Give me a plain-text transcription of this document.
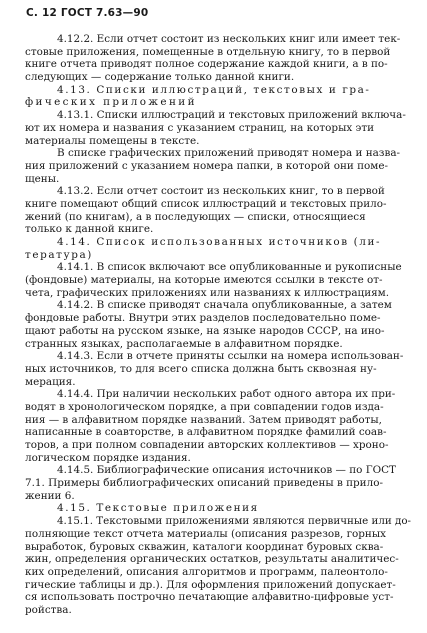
С. 12 ГОСТ 7.63—90
4.12.2. Если отчет состоит из нескольких книг или имеет тек-
стовые приложения, помещенные в отдельную книгу, то в первой
книге отчета приводят полное содержание каждой книги, а в по-
следующих — содержание только данной книги.
4.13. Списки иллюстраций, текстовых и гра-
фических приложений
4.13.1. Списки иллюстраций и текстовых приложений включа-
ют их номера и названия с указанием страниц, на которых эти
материалы помещены в тексте.
В списке графических приложений приводят номера и назва-
ния приложений с указанием номера папки, в которой они поме-
щены.
4.13.2. Если отчет состоит из нескольких книг, то в первой
книге помещают общий список иллюстраций и текстовых прило-
жений (по книгам), а в последующих — списки, относящиеся
только к данной книге.
4.14. Список использованных источников (ли-
тература)
4.14.1. В список включают все опубликованные и рукописные
(фондовые) материалы, на которые имеются ссылки в тексте от-
чета, графических приложениях или названиях к иллюстрациям.
4.14.2. В списке приводят сначала опубликованные, а затем
фондовые работы. Внутри этих разделов последовательно поме-
щают работы на русском языке, на языке народов СССР, на ино-
странных языках, располагаемые в алфавитном порядке.
4.14.3. Если в отчете приняты ссылки на номера использован-
ных источников, то для всего списка должна быть сквозная ну-
мерация.
4.14.4. При наличии нескольких работ одного автора их при-
водят в хронологическом порядке, а при совпадении годов изда-
ния — в алфавитном порядке названий. Затем приводят работы,
написанные в соавторстве, в алфавитном порядке фамилий соав-
торов, а при полном совпадении авторских коллективов — хроно-
логическом порядке издания.
4.14.5. Библиографические описания источников — по ГОСТ
7.1. Примеры библиографических описаний приведены в прило-
жении 6.
4.15. Текстовые приложения
4.15.1. Текстовыми приложениями являются первичные или до-
полняющие текст отчета материалы (описания разрезов, горных
выработок, буровых скважин, каталоги координат буровых сква-
жин, определения органических остатков, результаты аналитичес-
ких определений, описания алгоритмов и программ, палеонтоло-
гические таблицы и др.). Для оформления приложений допускает-
ся использовать построчно печатающие алфавитно-цифровые уст-
ройства.
